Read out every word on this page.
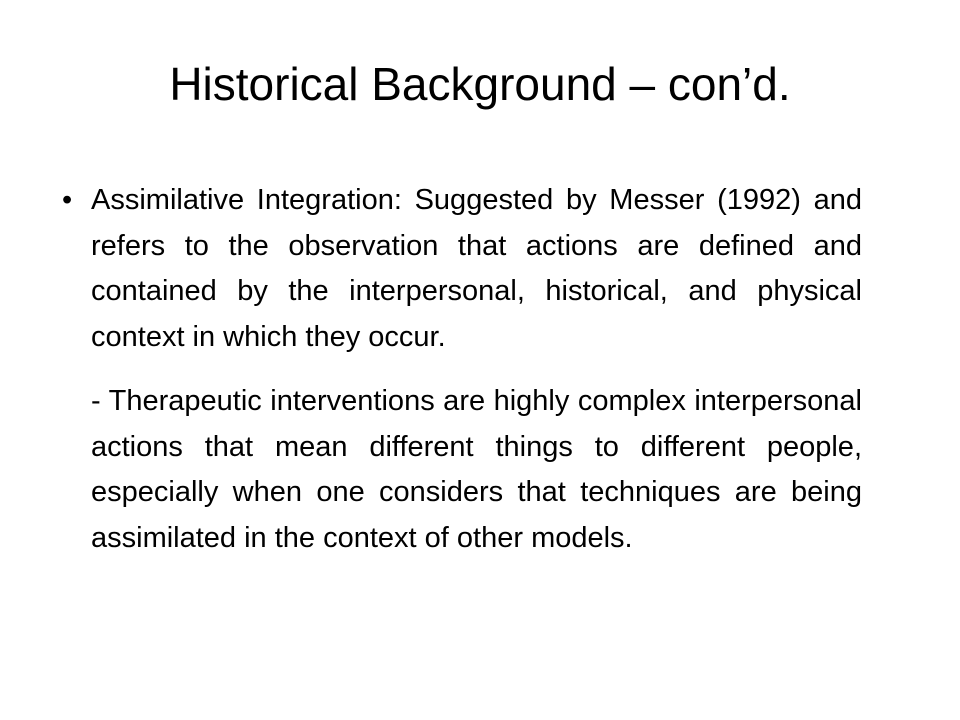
Historical Background – con’d.
• Assimilative Integration: Suggested by Messer (1992) and refers to the observation that actions are defined and contained by the interpersonal, historical, and physical context in which they occur.

- Therapeutic interventions are highly complex interpersonal actions that mean different things to different people, especially when one considers that techniques are being assimilated in the context of other models.
